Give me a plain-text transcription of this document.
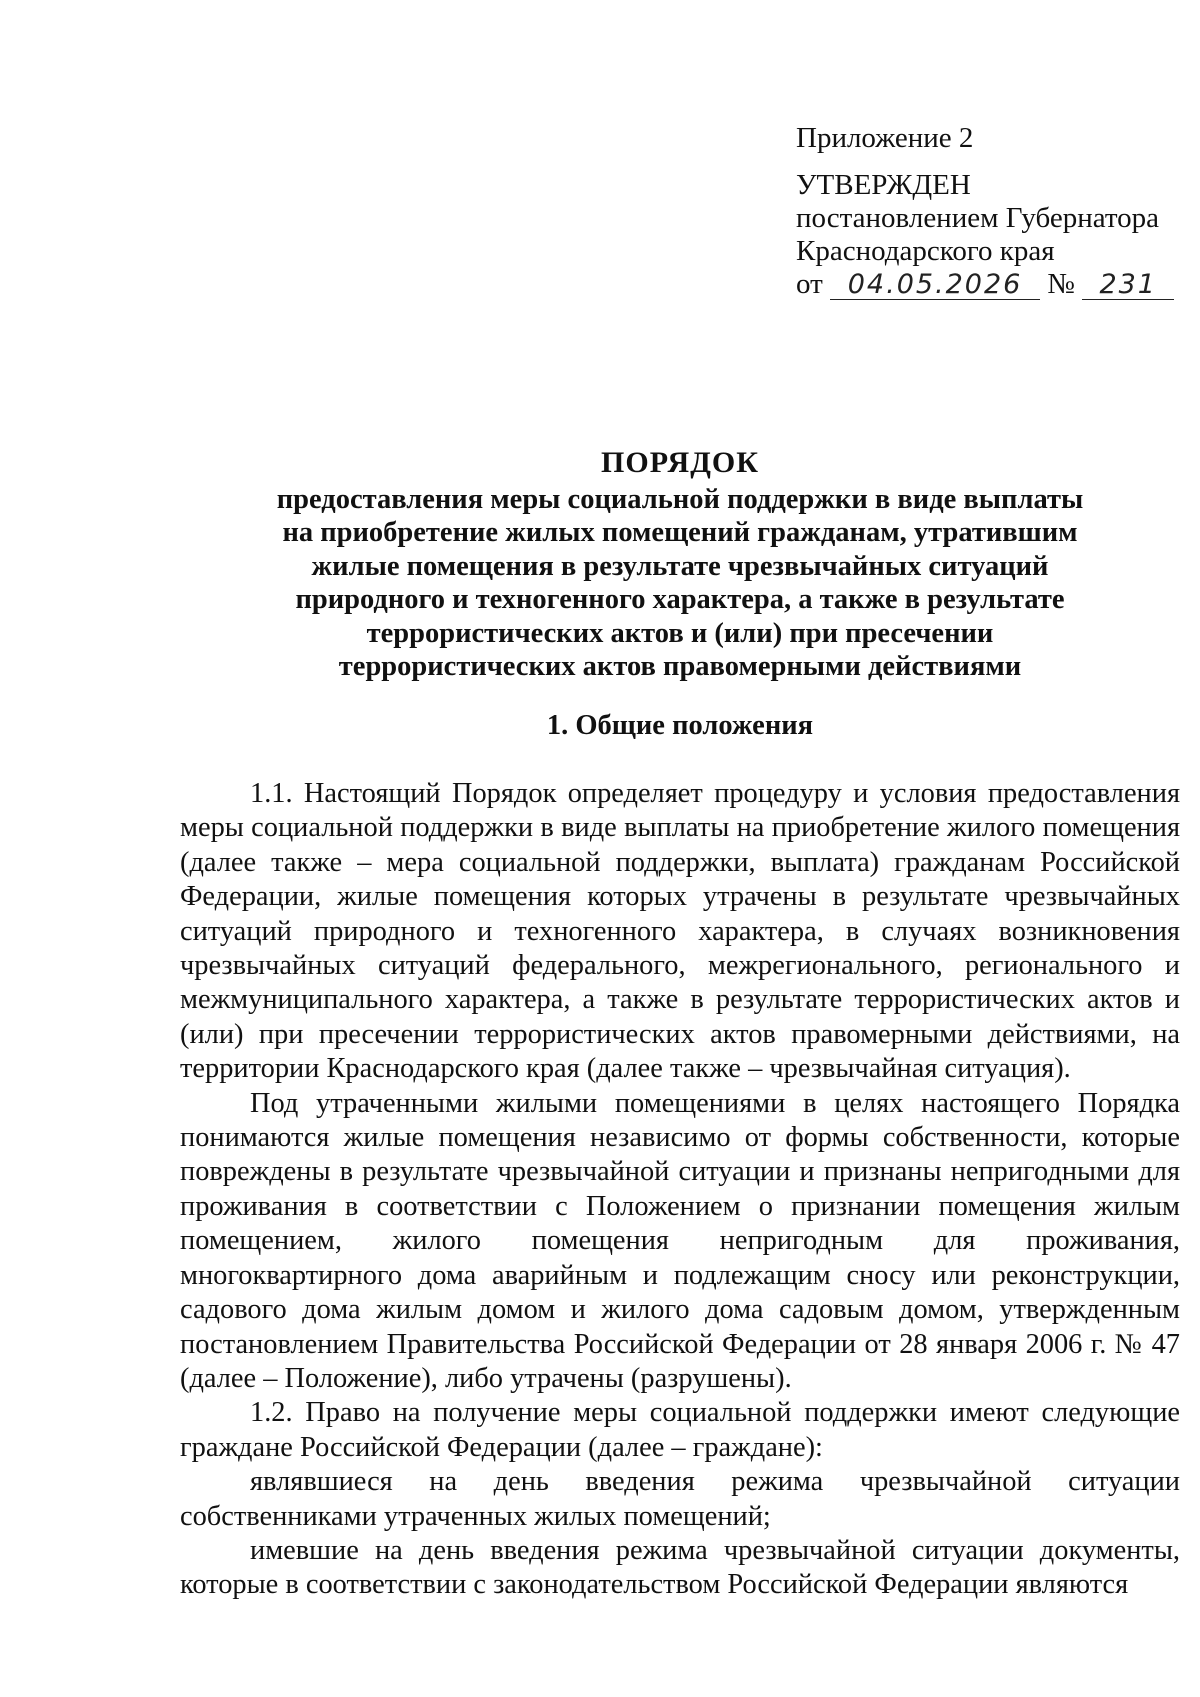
Приложение 2
УТВЕРЖДЕН
постановлением Губернатора
Краснодарского края
от 04.05.2026 № 231
ПОРЯДОК
предоставления меры социальной поддержки в виде выплаты
на приобретение жилых помещений гражданам, утратившим
жилые помещения в результате чрезвычайных ситуаций
природного и техногенного характера, а также в результате
террористических актов и (или) при пресечении
террористических актов правомерными действиями
1. Общие положения

1.1. Настоящий Порядок определяет процедуру и условия предоставления меры социальной поддержки в виде выплаты на приобретение жилого помещения (далее также – мера социальной поддержки, выплата) гражданам Российской Федерации, жилые помещения которых утрачены в результате чрезвычайных ситуаций природного и техногенного характера, в случаях возникновения чрезвычайных ситуаций федерального, межрегионального, регионального и межмуниципального характера, а также в результате террористических актов и (или) при пресечении террористических актов правомерными действиями, на территории Краснодарского края (далее также – чрезвычайная ситуация).

Под утраченными жилыми помещениями в целях настоящего Порядка понимаются жилые помещения независимо от формы собственности, которые повреждены в результате чрезвычайной ситуации и признаны непригодными для проживания в соответствии с Положением о признании помещения жилым помещением, жилого помещения непригодным для проживания, многоквартирного дома аварийным и подлежащим сносу или реконструкции, садового дома жилым домом и жилого дома садовым домом, утвержденным постановлением Правительства Российской Федерации от 28 января 2006 г. № 47 (далее – Положение), либо утрачены (разрушены).

1.2. Право на получение меры социальной поддержки имеют следующие граждане Российской Федерации (далее – граждане):

являвшиеся на день введения режима чрезвычайной ситуации собственниками утраченных жилых помещений;

имевшие на день введения режима чрезвычайной ситуации документы, которые в соответствии с законодательством Российской Федерации являются
